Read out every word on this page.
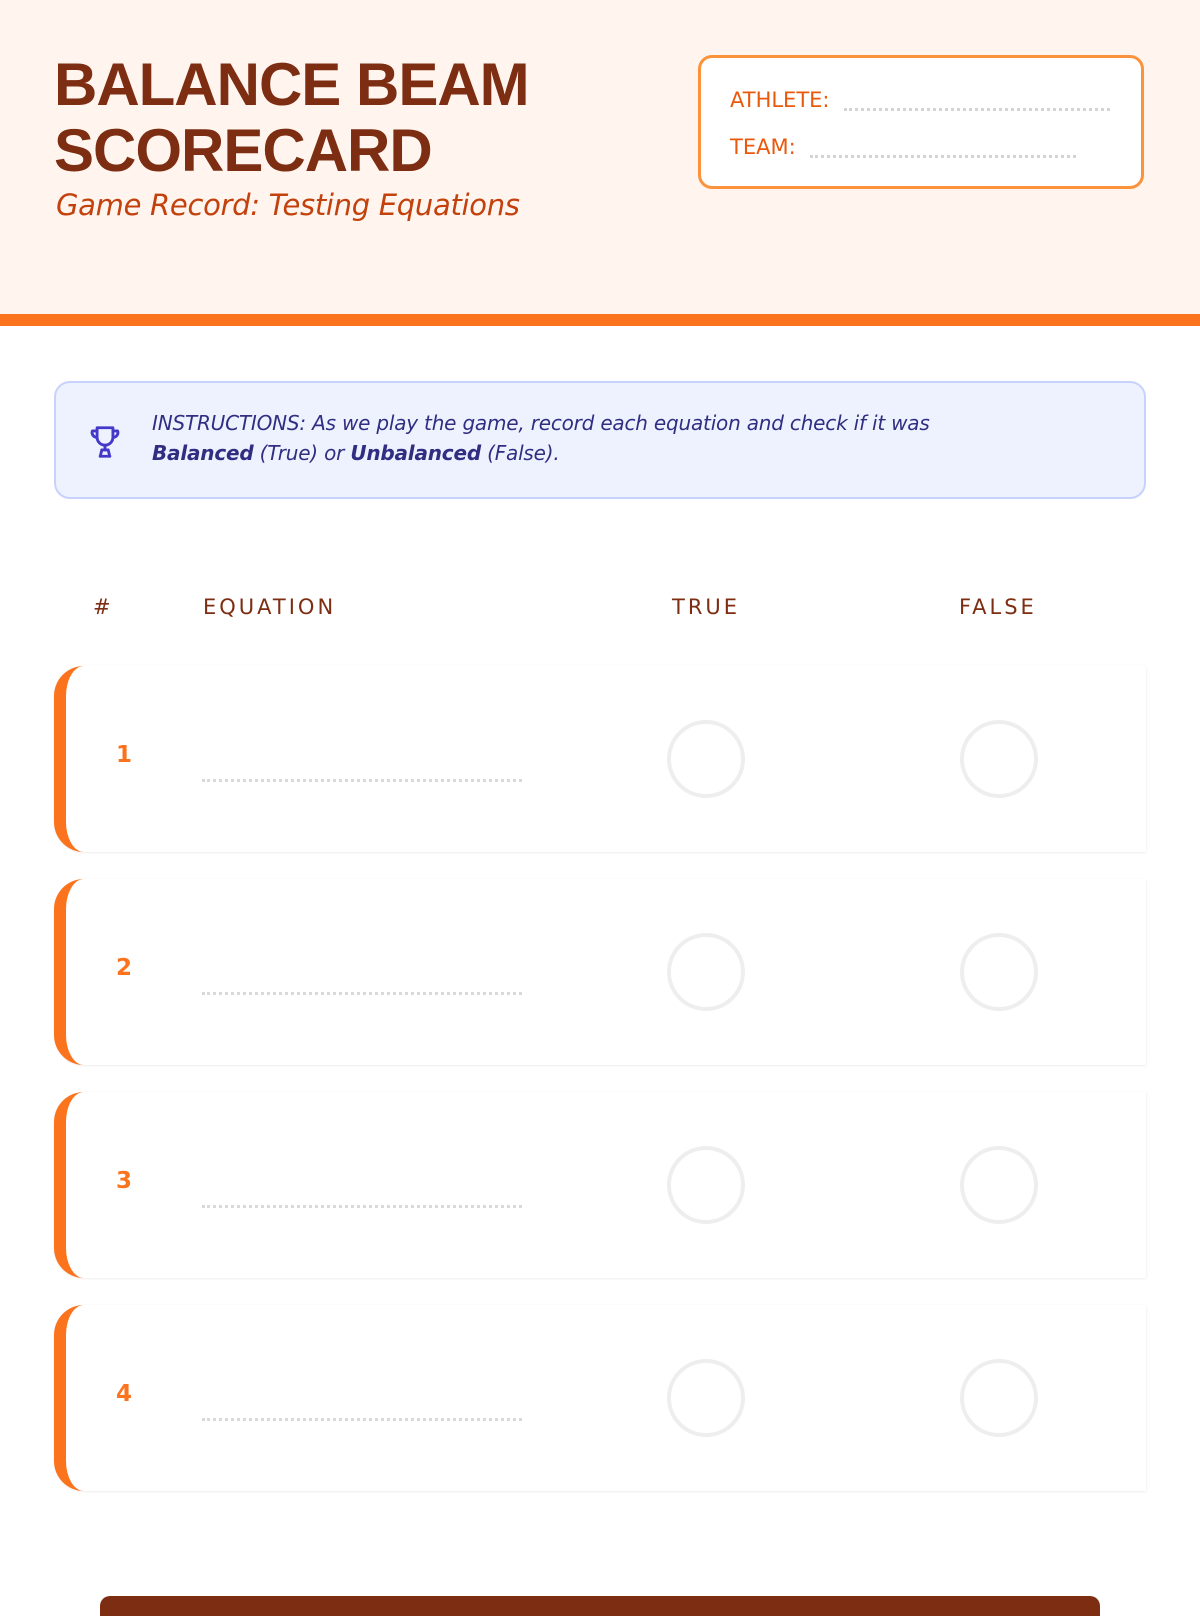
BALANCE BEAM
SCORECARD
Game Record: Testing Equations
ATHLETE:
TEAM:
INSTRUCTIONS: As we play the game, record each equation and check if it was
Balanced (True) or Unbalanced (False).
#	EQUATION	TRUE	FALSE
1
2
3
4
